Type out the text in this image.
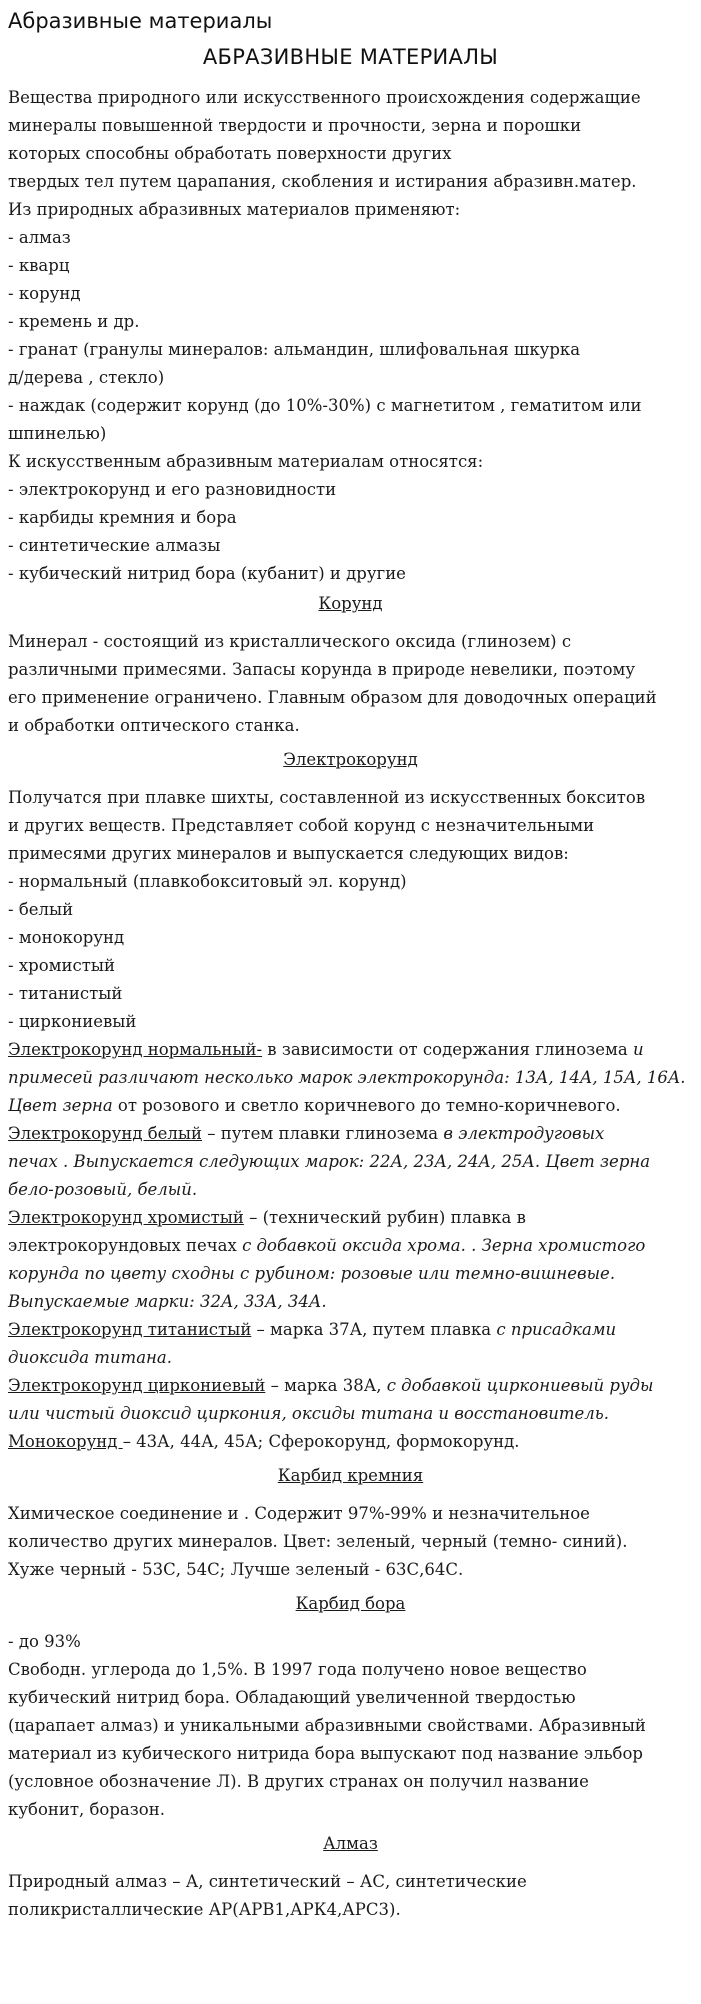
Абразивные материалы
АБРАЗИВНЫЕ МАТЕРИАЛЫ
Вещества природного или искусственного происхождения содержащие
минералы повышенной твердости и прочности, зерна и порошки
которых способны обработать поверхности других
твердых тел путем царапания, скобления и истирания абразивн.матер.
Из природных абразивных материалов применяют:
- алмаз
- кварц
- корунд
- кремень и др.
- гранат (гранулы минералов: альмандин, шлифовальная шкурка
д/дерева , стекло)
- наждак (содержит корунд (до 10%-30%) с магнетитом , гематитом или
шпинелью)
К искусственным абразивным материалам относятся:
- электрокорунд и его разновидности
- карбиды кремния и бора
- синтетические алмазы
- кубический нитрид бора (кубанит) и другие
Корунд
Минерал - состоящий из кристаллического оксида (глинозем) с
различными примесями. Запасы корунда в природе невелики, поэтому
его применение ограничено. Главным образом для доводочных операций
и обработки оптического станка.
Электрокорунд
Получатся при плавке шихты, составленной из искусственных бокситов
и других веществ. Представляет собой корунд с незначительными
примесями других минералов и выпускается следующих видов:
- нормальный (плавкобокситовый эл. корунд)
- белый
- монокорунд
- хромистый
- титанистый
- циркониевый
Электрокорунд нормальный- в зависимости от содержания глинозема и
примесей различают несколько марок электрокорунда: 13А, 14А, 15А, 16А.
Цвет зерна от розового и светло коричневого до темно-коричневого.
Электрокорунд белый – путем плавки глинозема в электродуговых
печах . Выпускается следующих марок: 22А, 23А, 24А, 25А. Цвет зерна
бело-розовый, белый.
Электрокорунд хромистый – (технический рубин) плавка в
электрокорундовых печах с добавкой оксида хрома. . Зерна хромистого
корунда по цвету сходны с рубином: розовые или темно-вишневые.
Выпускаемые марки: 32А, 33А, 34А.
Электрокорунд титанистый – марка 37А, путем плавка с присадками
диоксида титана.
Электрокорунд циркониевый – марка 38А, с добавкой циркониевый руды
или чистый диоксид циркония, оксиды титана и восстановитель.
Монокорунд – 43А, 44А, 45А; Сферокорунд, формокорунд.
Карбид кремния
Химическое соединение и . Содержит 97%-99% и незначительное
количество других минералов. Цвет: зеленый, черный (темно- синий).
Хуже черный - 53С, 54С; Лучше зеленый - 63С,64С.
Карбид бора
- до 93%
Свободн. углерода до 1,5%. В 1997 года получено новое вещество
кубический нитрид бора. Обладающий увеличенной твердостью
(царапает алмаз) и уникальными абразивными свойствами. Абразивный
материал из кубического нитрида бора выпускают под название эльбор
(условное обозначение Л). В других странах он получил название
кубонит, боразон.
Алмаз
Природный алмаз – А, синтетический – АС, синтетические
поликристаллические АР(АРВ1,АРК4,АРС3).
